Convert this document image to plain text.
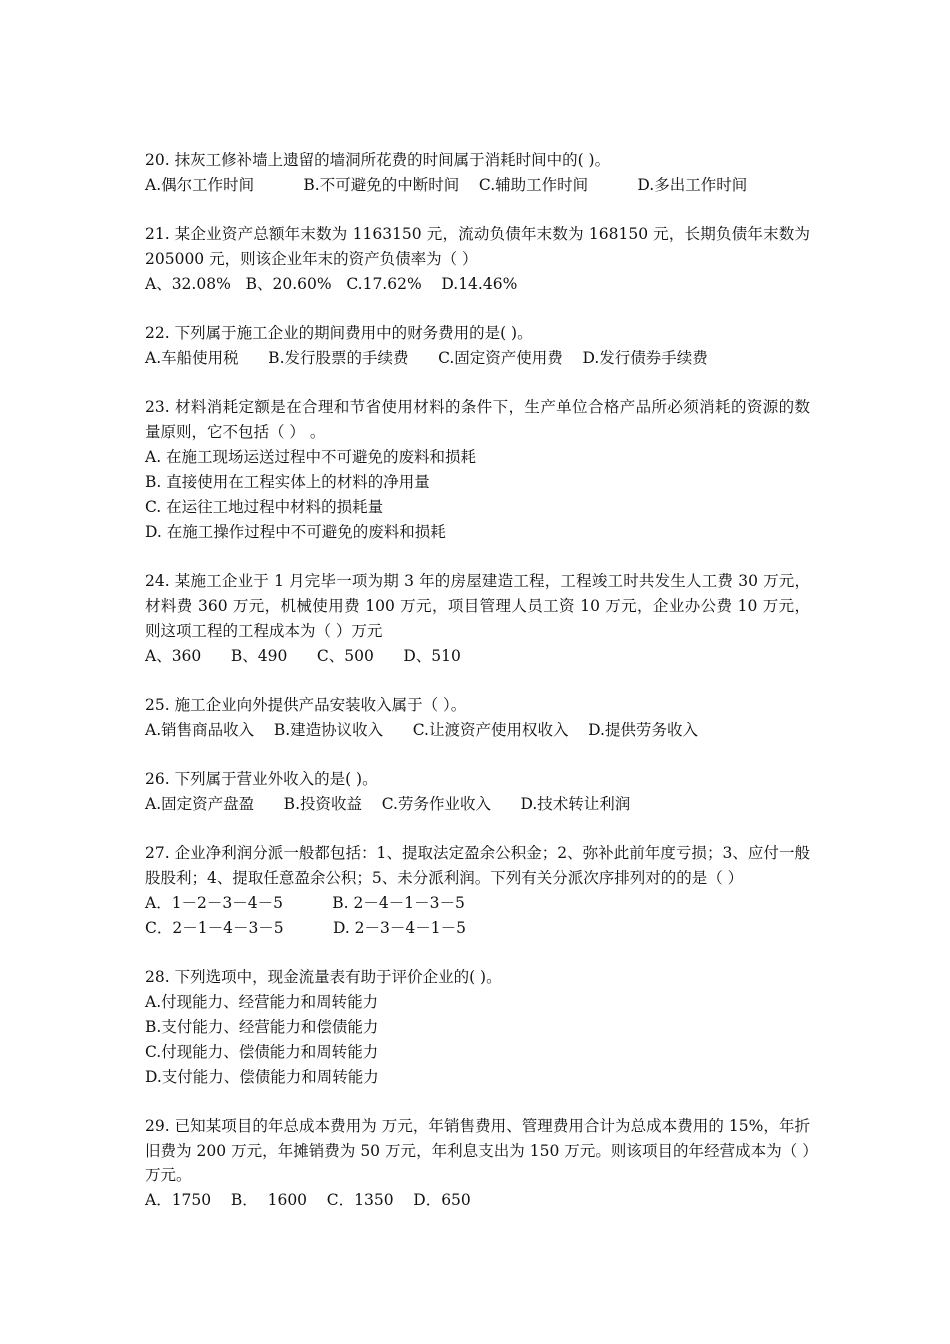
20. 抹灰工修补墙上遗留的墙洞所花费的时间属于消耗时间中的( )。
A.偶尔工作时间          B.不可避免的中断时间    C.辅助工作时间          D.多出工作时间
21. 某企业资产总额年末数为 1163150 元，流动负债年末数为 168150 元，长期负债年末数为 205000 元，则该企业年末的资产负债率为（ ）
A、32.08%   B、20.60%   C.17.62%    D.14.46%
22. 下列属于施工企业的期间费用中的财务费用的是( )。
A.车船使用税      B.发行股票的手续费      C.固定资产使用费    D.发行债券手续费
23. 材料消耗定额是在合理和节省使用材料的条件下，生产单位合格产品所必须消耗的资源的数量原则，它不包括（ ） 。
A. 在施工现场运送过程中不可避免的废料和损耗
B. 直接使用在工程实体上的材料的净用量
C. 在运往工地过程中材料的损耗量
D. 在施工操作过程中不可避免的废料和损耗
24. 某施工企业于 1 月完毕一项为期 3 年的房屋建造工程，工程竣工时共发生人工费 30 万元，材料费 360 万元，机械使用费 100 万元，项目管理人员工资 10 万元，企业办公费 10 万元，则这项工程的工程成本为（ ）万元
A、360      B、490      C、500      D、510
25. 施工企业向外提供产品安装收入属于（ ）。
A.销售商品收入    B.建造协议收入      C.让渡资产使用权收入    D.提供劳务收入
26. 下列属于营业外收入的是( )。
A.固定资产盘盈      B.投资收益    C.劳务作业收入      D.技术转让利润
27. 企业净利润分派一般都包括：1、提取法定盈余公积金；2、弥补此前年度亏损；3、应付一般股股利；4、提取任意盈余公积；5、未分派利润。下列有关分派次序排列对的的是（ ）
A．1－2－3－4－5          B. 2－4－1－3－5
C．2－1－4－3－5          D. 2－3－4－1－5
28. 下列选项中，现金流量表有助于评价企业的( )。
A.付现能力、经营能力和周转能力
B.支付能力、经营能力和偿债能力
C.付现能力、偿债能力和周转能力
D.支付能力、偿债能力和周转能力
29. 已知某项目的年总成本费用为 万元，年销售费用、管理费用合计为总成本费用的 15%，年折旧费为 200 万元，年摊销费为 50 万元，年利息支出为 150 万元。则该项目的年经营成本为（ ）万元。
A．1750    B．  1600    C．1350    D．650
